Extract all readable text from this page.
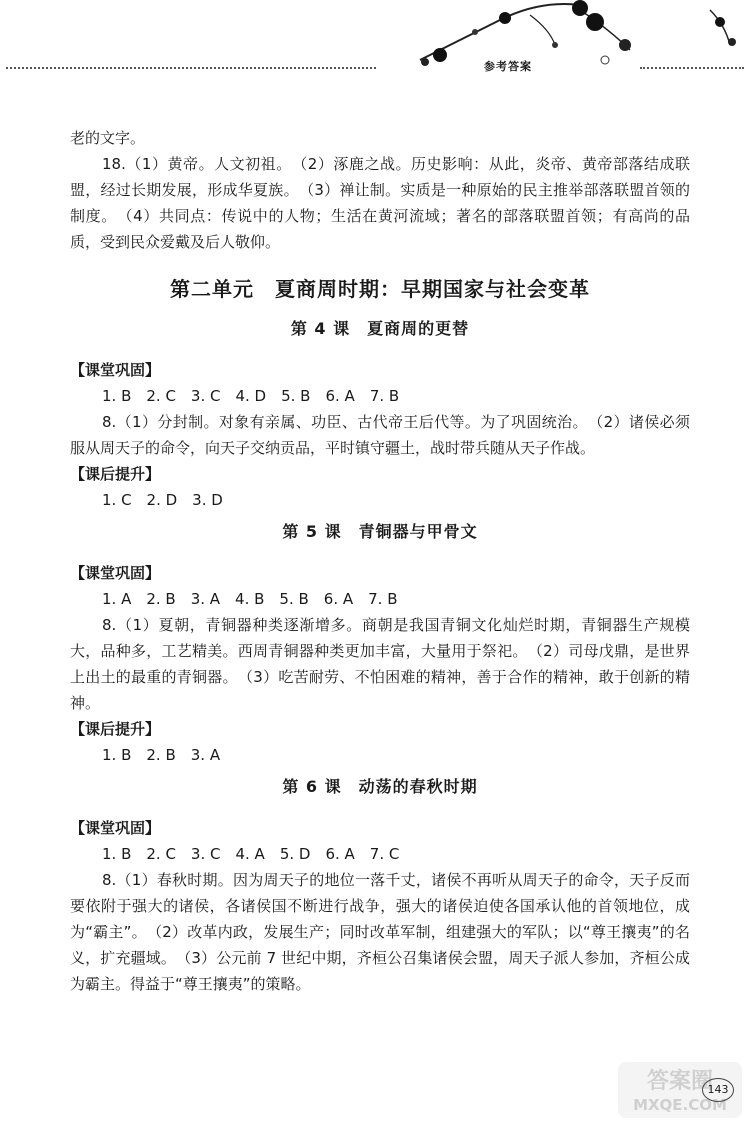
参考答案
老的文字。
18.（1）黄帝。人文初祖。　（2）涿鹿之战。历史影响：从此，炎帝、黄帝部落结成联盟，经过长期发展，形成华夏族。　（3）禅让制。实质是一种原始的民主推举部落联盟首领的制度。　（4）共同点：传说中的人物；生活在黄河流域；著名的部落联盟首领；有高尚的品质，受到民众爱戴及后人敬仰。
第二单元　夏商周时期：早期国家与社会变革
第 4 课　夏商周的更替
【课堂巩固】
1. B　2. C　3. C　4. D　5. B　6. A　7. B
8.（1）分封制。对象有亲属、功臣、古代帝王后代等。为了巩固统治。　（2）诸侯必须服从周天子的命令，向天子交纳贡品，平时镇守疆土，战时带兵随从天子作战。
【课后提升】
1. C　2. D　3. D
第 5 课　青铜器与甲骨文
【课堂巩固】
1. A　2. B　3. A　4. B　5. B　6. A　7. B
8.（1）夏朝，青铜器种类逐渐增多。商朝是我国青铜文化灿烂时期，青铜器生产规模大，品种多，工艺精美。西周青铜器种类更加丰富，大量用于祭祀。　（2）司母戊鼎，是世界上出土的最重的青铜器。　（3）吃苦耐劳、不怕困难的精神，善于合作的精神，敢于创新的精神。
【课后提升】
1. B　2. B　3. A
第 6 课　动荡的春秋时期
【课堂巩固】
1. B　2. C　3. C　4. A　5. D　6. A　7. C
8.（1）春秋时期。因为周天子的地位一落千丈，诸侯不再听从周天子的命令，天子反而要依附于强大的诸侯，各诸侯国不断进行战争，强大的诸侯迫使各国承认他的首领地位，成为“霸主”。　（2）改革内政，发展生产；同时改革军制，组建强大的军队；以“尊王攘夷”的名义，扩充疆域。　（3）公元前 7 世纪中期，齐桓公召集诸侯会盟，周天子派人参加，齐桓公成为霸主。得益于“尊王攘夷”的策略。
答案圈
MXQE.COM
143
